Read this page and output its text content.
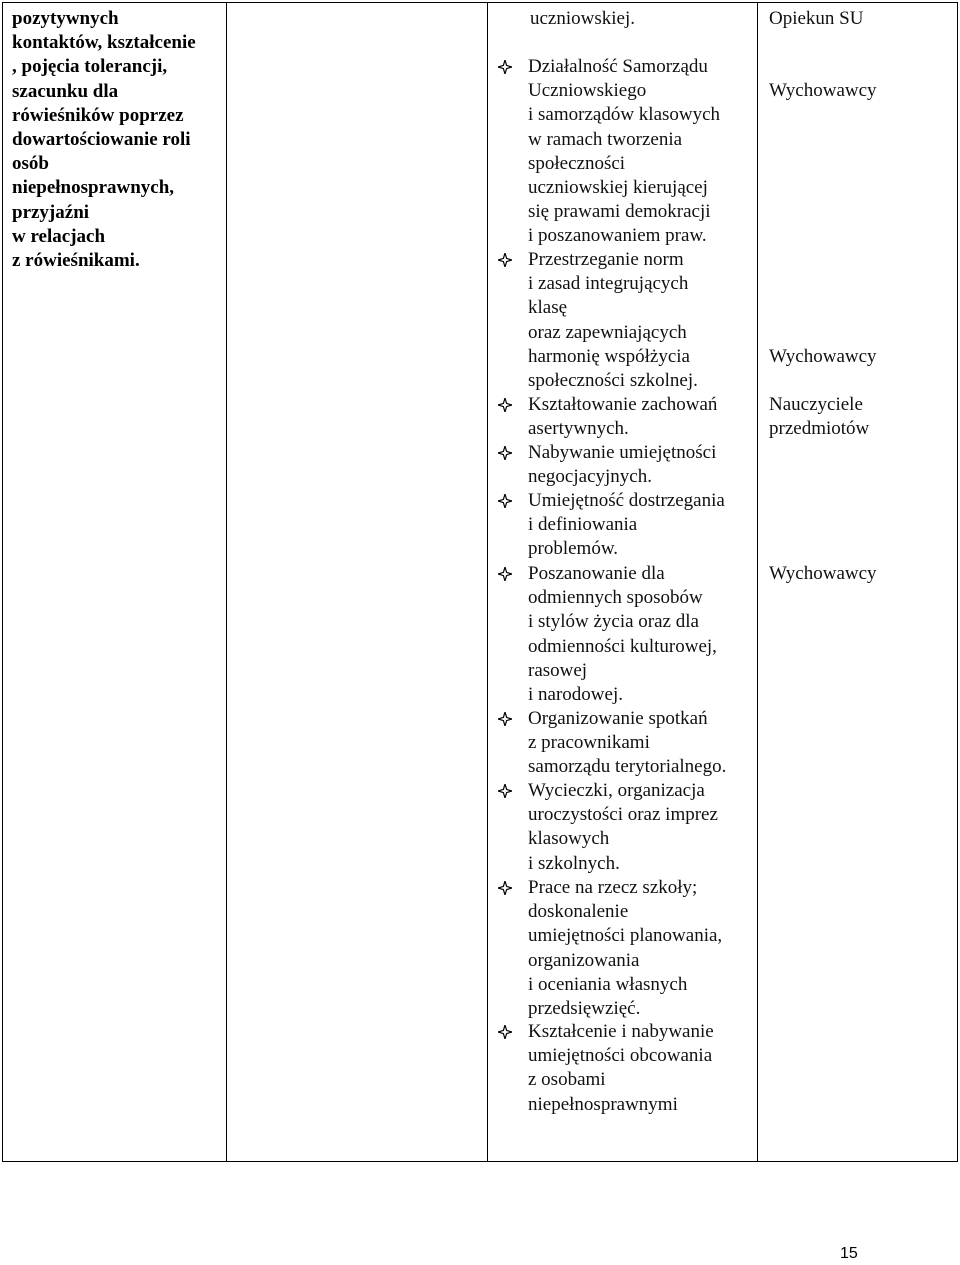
pozytywnych
kontaktów, kształcenie
, pojęcia tolerancji,
szacunku dla
rówieśników poprzez
dowartościowanie roli
osób
niepełnosprawnych,
przyjaźni
w relacjach
z rówieśnikami.
uczniowskiej.
Działalność Samorządu
Uczniowskiego
i samorządów klasowych
w ramach tworzenia
społeczności
uczniowskiej kierującej
się prawami demokracji
i poszanowaniem praw.
Przestrzeganie norm
i zasad integrujących
klasę
oraz zapewniających
harmonię współżycia
społeczności szkolnej.
Kształtowanie zachowań
asertywnych.
Nabywanie umiejętności
negocjacyjnych.
Umiejętność dostrzegania
i definiowania
problemów.
Poszanowanie dla
odmiennych sposobów
i stylów życia oraz dla
odmienności kulturowej,
rasowej
i narodowej.
Organizowanie spotkań
z pracownikami
samorządu terytorialnego.
Wycieczki, organizacja
uroczystości oraz imprez
klasowych
i szkolnych.
Prace na rzecz szkoły;
doskonalenie
umiejętności planowania,
organizowania
i oceniania własnych
przedsięwzięć.
Kształcenie i nabywanie
umiejętności obcowania
z osobami
niepełnosprawnymi
Opiekun SU
Wychowawcy
Wychowawcy
Nauczyciele
przedmiotów
Wychowawcy
15
